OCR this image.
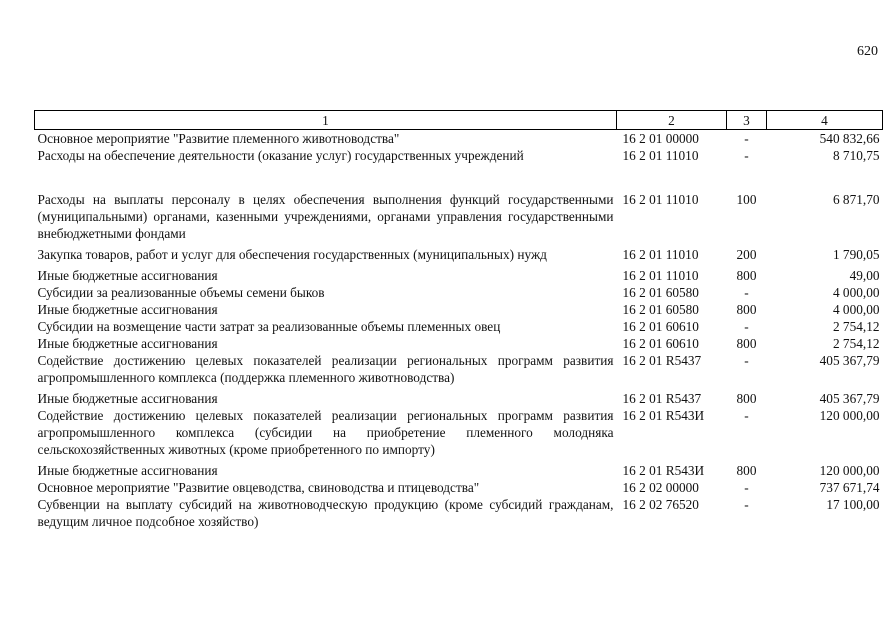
620
1	2	3	4
Основное мероприятие "Развитие племенного животноводства"	16 2 01 00000	-	540 832,66
Расходы на обеспечение деятельности (оказание услуг) государственных учреждений	16 2 01 11010	-	8 710,75
Расходы на выплаты персоналу в целях обеспечения выполнения функций государственными (муниципальными) органами, казенными учреждениями, органами управления государственными внебюджетными фондами	16 2 01 11010	100	6 871,70
Закупка товаров, работ и услуг для обеспечения государственных (муниципальных) нужд	16 2 01 11010	200	1 790,05
Иные бюджетные ассигнования	16 2 01 11010	800	49,00
Субсидии за реализованные объемы семени быков	16 2 01 60580	-	4 000,00
Иные бюджетные ассигнования	16 2 01 60580	800	4 000,00
Субсидии на возмещение части затрат за реализованные объемы племенных овец	16 2 01 60610	-	2 754,12
Иные бюджетные ассигнования	16 2 01 60610	800	2 754,12
Содействие достижению целевых показателей реализации региональных программ развития агропромышленного комплекса (поддержка племенного животноводства)	16 2 01 R5437	-	405 367,79
Иные бюджетные ассигнования	16 2 01 R5437	800	405 367,79
Содействие достижению целевых показателей реализации региональных программ развития агропромышленного комплекса (субсидии на приобретение племенного молодняка сельскохозяйственных животных (кроме приобретенного по импорту)	16 2 01 R543И	-	120 000,00
Иные бюджетные ассигнования	16 2 01 R543И	800	120 000,00
Основное мероприятие "Развитие овцеводства, свиноводства и птицеводства"	16 2 02 00000	-	737 671,74
Субвенции на выплату субсидий на животноводческую продукцию (кроме субсидий гражданам, ведущим личное подсобное хозяйство)	16 2 02 76520	-	17 100,00
